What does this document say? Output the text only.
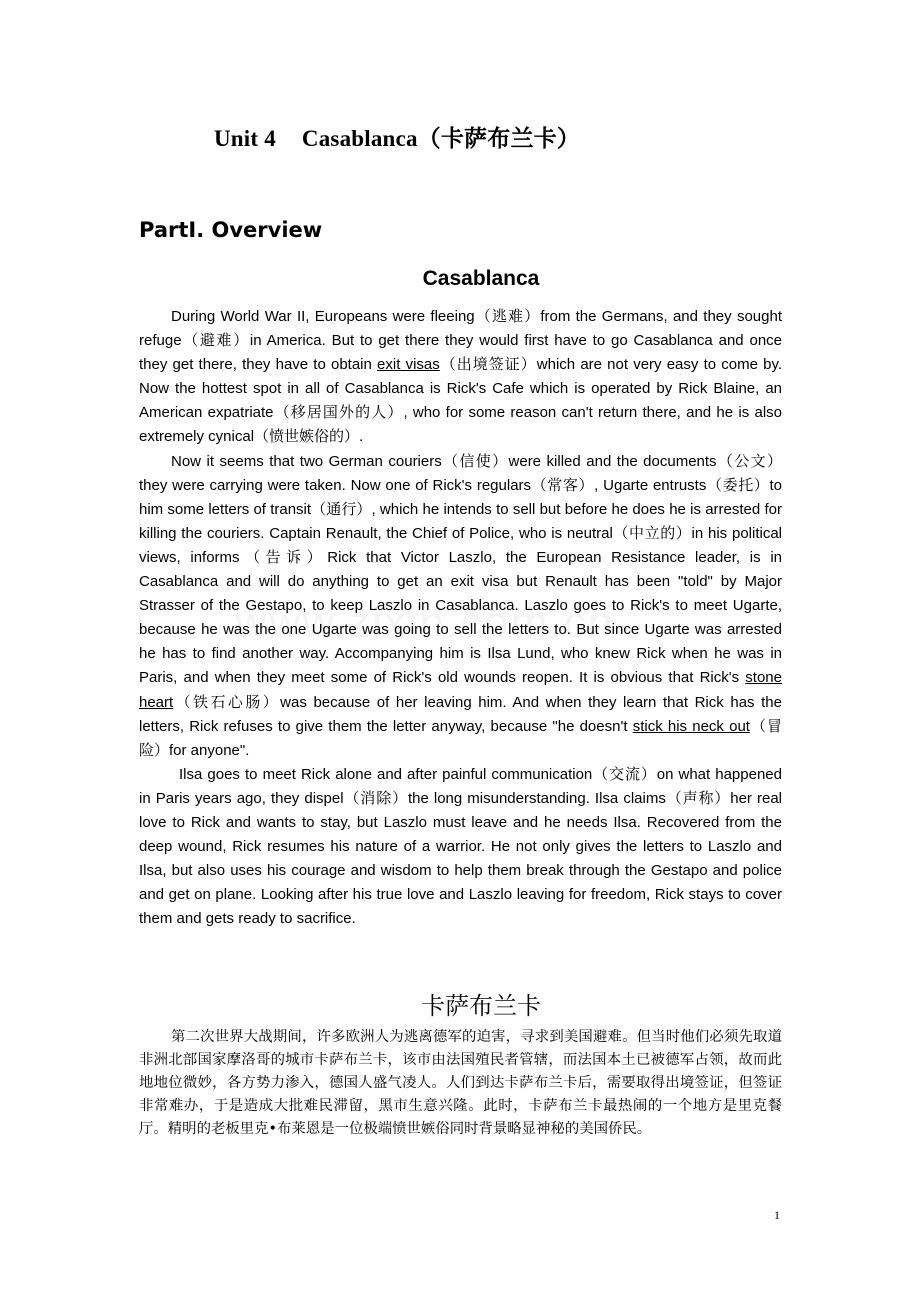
Unit 4 Casablanca（卡萨布兰卡）
PartⅠ. Overview
Casablanca

During World War II, Europeans were fleeing（逃难）from the Germans, and they sought refuge（避难）in America. But to get there they would first have to go Casablanca and once they get there, they have to obtain exit visas（出境签证）which are not very easy to come by. Now the hottest spot in all of Casablanca is Rick's Cafe which is operated by Rick Blaine, an American expatriate（移居国外的人）, who for some reason can't return there, and he is also extremely cynical（愤世嫉俗的）.

Now it seems that two German couriers（信使）were killed and the documents（公文）they were carrying were taken. Now one of Rick's regulars（常客）, Ugarte entrusts（委托）to him some letters of transit（通行）, which he intends to sell but before he does he is arrested for killing the couriers. Captain Renault, the Chief of Police, who is neutral（中立的）in his political views, informs（告诉）Rick that Victor Laszlo, the European Resistance leader, is in Casablanca and will do anything to get an exit visa but Renault has been "told" by Major Strasser of the Gestapo, to keep Laszlo in Casablanca. Laszlo goes to Rick's to meet Ugarte, because he was the one Ugarte was going to sell the letters to. But since Ugarte was arrested he has to find another way. Accompanying him is Ilsa Lund, who knew Rick when he was in Paris, and when they meet some of Rick's old wounds reopen. It is obvious that Rick's stone heart（铁石心肠）was because of her leaving him. And when they learn that Rick has the letters, Rick refuses to give them the letter anyway, because "he doesn't stick his neck out（冒险）for anyone".

Ilsa goes to meet Rick alone and after painful communication（交流）on what happened in Paris years ago, they dispel（消除）the long misunderstanding. Ilsa claims（声称）her real love to Rick and wants to stay, but Laszlo must leave and he needs Ilsa. Recovered from the deep wound, Rick resumes his nature of a warrior. He not only gives the letters to Laszlo and Ilsa, but also uses his courage and wisdom to help them break through the Gestapo and police and get on plane. Looking after his true love and Laszlo leaving for freedom, Rick stays to cover them and gets ready to sacrifice.

卡萨布兰卡

第二次世界大战期间，许多欧洲人为逃离德军的迫害，寻求到美国避难。但当时他们必须先取道非洲北部国家摩洛哥的城市卡萨布兰卡，该市由法国殖民者管辖，而法国本土已被德军占领，故而此地地位微妙，各方势力渗入，德国人盛气凌人。人们到达卡萨布兰卡后，需要取得出境签证，但签证非常难办，于是造成大批难民滞留，黑市生意兴隆。此时，卡萨布兰卡最热闹的一个地方是里克餐厅。精明的老板里克•布莱恩是一位极端愤世嫉俗同时背景略显神秘的美国侨民。

1
